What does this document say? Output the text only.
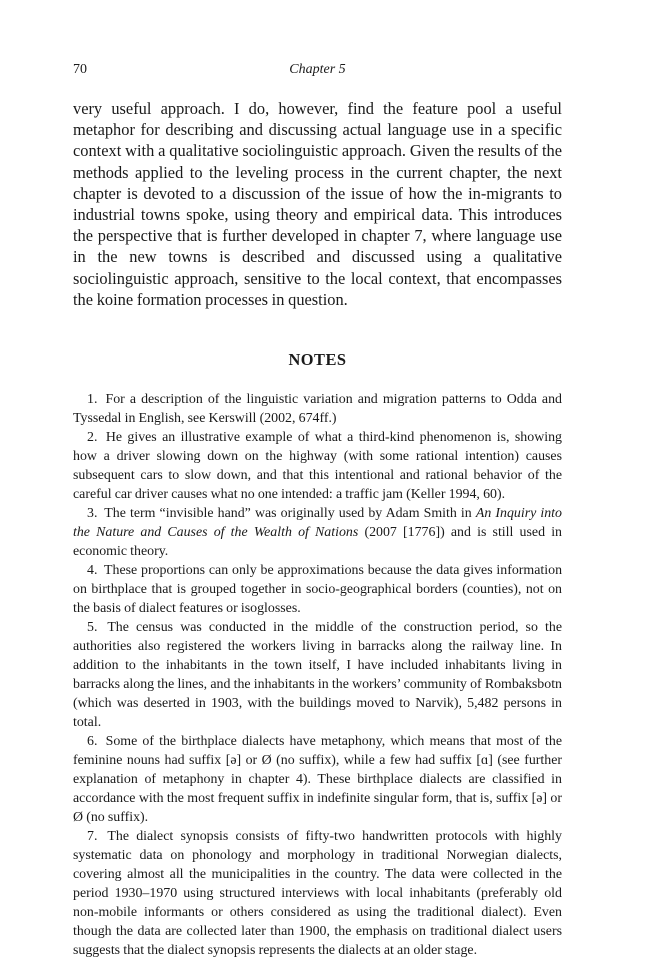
70	Chapter 5

very useful approach. I do, however, find the feature pool a useful metaphor for describing and discussing actual language use in a specific context with a qualitative sociolinguistic approach. Given the results of the methods applied to the leveling process in the current chapter, the next chapter is devoted to a discussion of the issue of how the in-migrants to industrial towns spoke, using theory and empirical data. This introduces the perspective that is further developed in chapter 7, where language use in the new towns is described and discussed using a qualitative sociolinguistic approach, sensitive to the local context, that encompasses the koine formation processes in question.

NOTES
1. For a description of the linguistic variation and migration patterns to Odda and Tyssedal in English, see Kerswill (2002, 674ff.)
2. He gives an illustrative example of what a third-kind phenomenon is, showing how a driver slowing down on the highway (with some rational intention) causes subsequent cars to slow down, and that this intentional and rational behavior of the careful car driver causes what no one intended: a traffic jam (Keller 1994, 60).
3. The term “invisible hand” was originally used by Adam Smith in An Inquiry into the Nature and Causes of the Wealth of Nations (2007 [1776]) and is still used in economic theory.
4. These proportions can only be approximations because the data gives information on birthplace that is grouped together in socio-geographical borders (counties), not on the basis of dialect features or isoglosses.
5. The census was conducted in the middle of the construction period, so the authorities also registered the workers living in barracks along the railway line. In addition to the inhabitants in the town itself, I have included inhabitants living in barracks along the lines, and the inhabitants in the workers’ community of Rombaksbotn (which was deserted in 1903, with the buildings moved to Narvik), 5,482 persons in total.
6. Some of the birthplace dialects have metaphony, which means that most of the feminine nouns had suffix [ə] or Ø (no suffix), while a few had suffix [ɑ] (see further explanation of metaphony in chapter 4). These birthplace dialects are classified in accordance with the most frequent suffix in indefinite singular form, that is, suffix [ə] or Ø (no suffix).
7. The dialect synopsis consists of fifty-two handwritten protocols with highly systematic data on phonology and morphology in traditional Norwegian dialects, covering almost all the municipalities in the country. The data were collected in the period 1930–1970 using structured interviews with local inhabitants (preferably old non-mobile informants or others considered as using the traditional dialect). Even though the data are collected later than 1900, the emphasis on traditional dialect users suggests that the dialect synopsis represents the dialects at an older stage.
